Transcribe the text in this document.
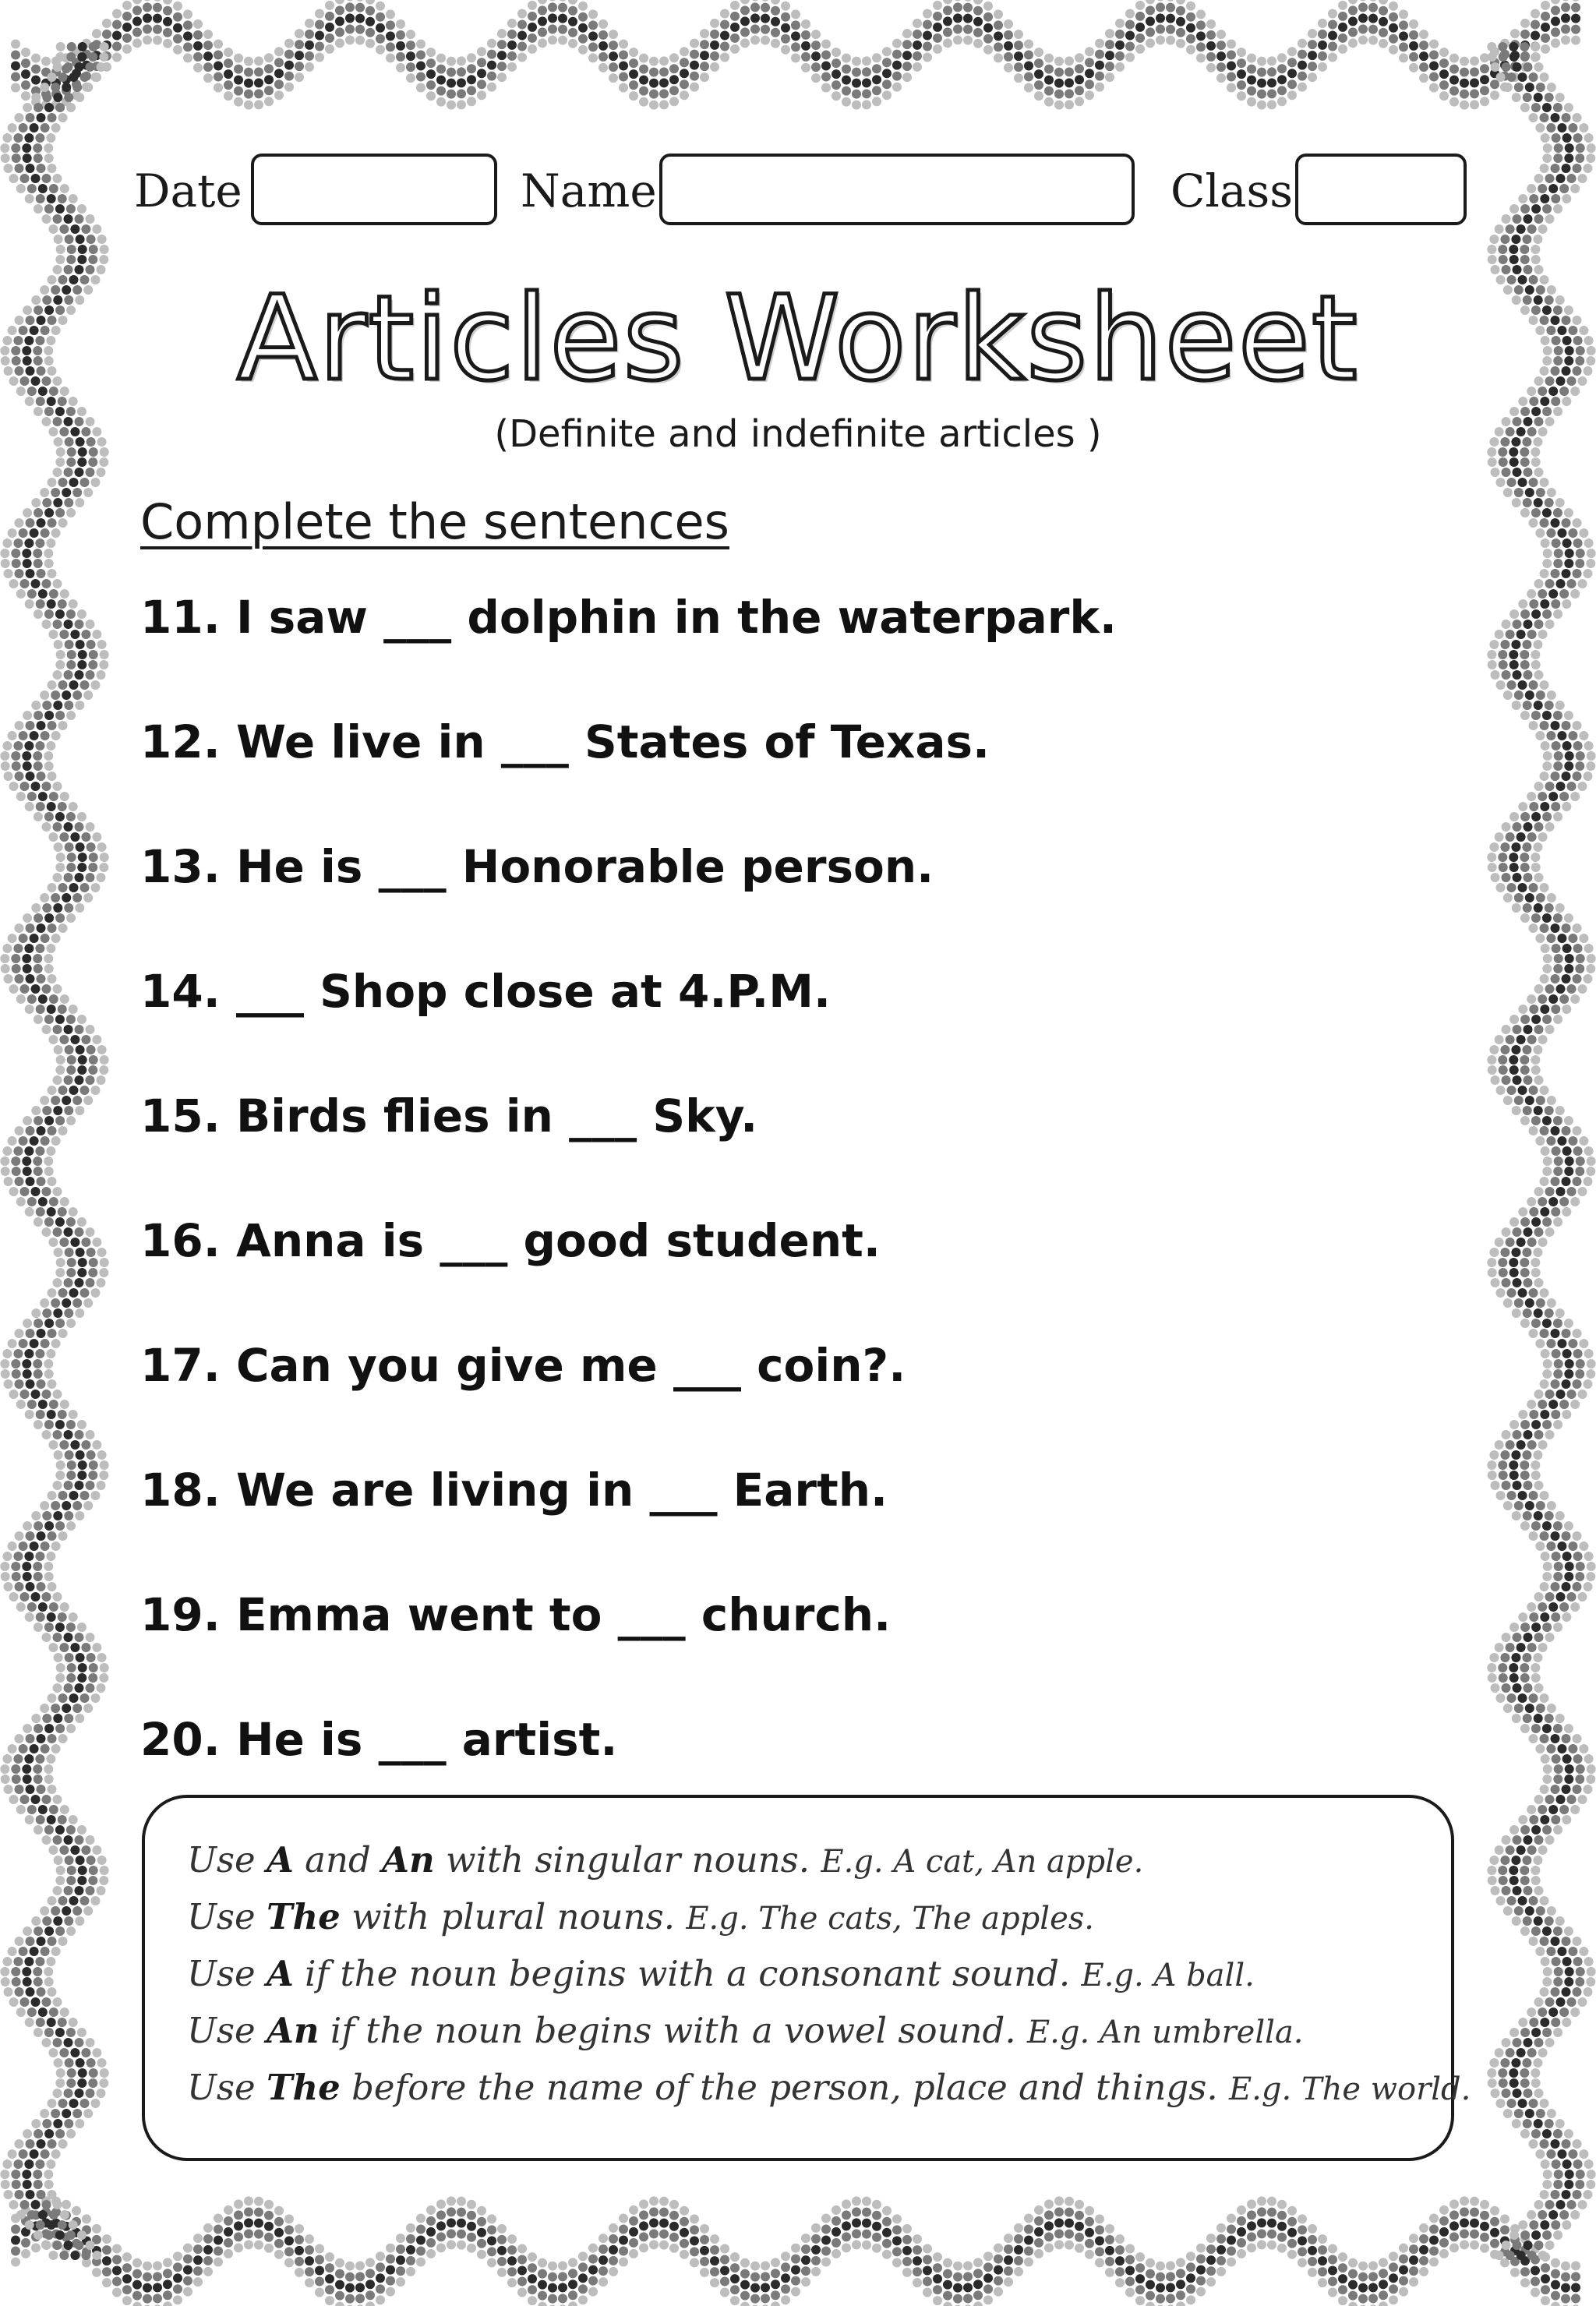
Date	Name	Class
Articles Worksheet
(Definite and indefinite articles )
Complete the sentences
11. I saw ___ dolphin in the waterpark.
12. We live in ___ States of Texas.
13. He is ___ Honorable person.
14. ___ Shop close at 4.P.M.
15. Birds flies in ___ Sky.
16. Anna is ___ good student.
17. Can you give me ___ coin?.
18. We are living in ___ Earth.
19. Emma went to ___ church.
20. He is ___ artist.
Use A and An with singular nouns. E.g. A cat, An apple.
Use The with plural nouns. E.g. The cats, The apples.
Use A if the noun begins with a consonant sound. E.g. A ball.
Use An if the noun begins with a vowel sound. E.g. An umbrella.
Use The before the name of the person, place and things. E.g. The world.
